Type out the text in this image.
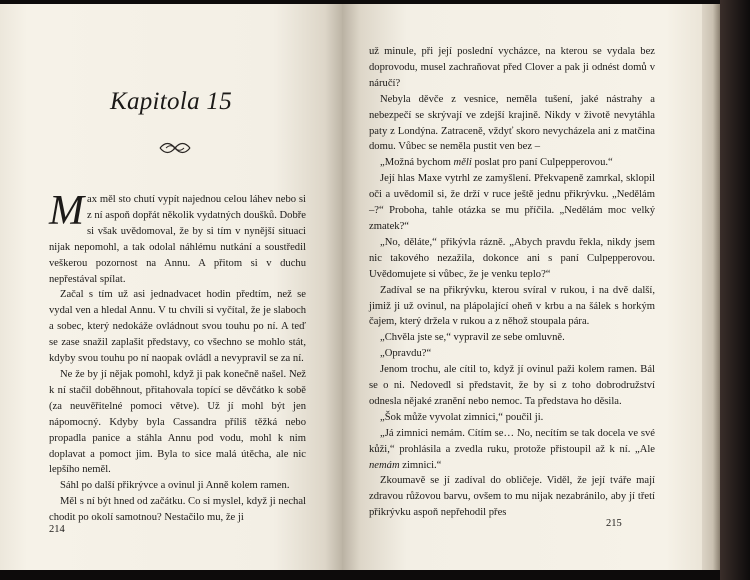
Kapitola 15

Max měl sto chutí vypít najednou celou láhev nebo si z ní aspoň dopřát několik vydatných doušků. Dobře si však uvědomoval, že by si tím v nynější situaci nijak nepomohl, a tak odolal náhlému nutkání a soustředil veškerou pozornost na Annu. A přitom si v duchu nepřestával spílat.

Začal s tím už asi jednadvacet hodin předtím, než se vydal ven a hledal Annu. V tu chvíli si vyčítal, že je slaboch a sobec, který nedokáže ovládnout svou touhu po ní. A teď se zase snažil zaplašit představy, co všechno se mohlo stát, kdyby svou touhu po ní naopak ovládl a nevypravil se za ní.

Ne že by jí nějak pomohl, když ji pak konečně našel. Než k ní stačil doběhnout, přitahovala topící se děvčátko k sobě (za neuvěřitelné pomoci větve). Už jí mohl být jen nápomocný. Kdyby byla Cassandra příliš těžká nebo propadla panice a stáhla Annu pod vodu, mohl k nim doplavat a pomoct jim. Byla to sice malá útěcha, ale nic lepšího neměl.

Sáhl po další přikrývce a ovinul ji Anně kolem ramen.

Měl s ní být hned od začátku. Co si myslel, když ji nechal chodit po okolí samotnou? Nestačilo mu, že ji

214

už minule, při její poslední vycházce, na kterou se vydala bez doprovodu, musel zachraňovat před Clover a pak ji odnést domů v náručí?

Nebyla děvče z vesnice, neměla tušení, jaké nástrahy a nebezpečí se skrývají ve zdejší krajině. Nikdy v životě nevytáhla paty z Londýna. Zatraceně, vždyť skoro nevycházela ani z matčina domu. Vůbec se neměla pustit ven bez –

„Možná bychom měli poslat pro paní Culpepperovou.“

Její hlas Maxe vytrhl ze zamyšlení. Překvapeně zamrkal, sklopil oči a uvědomil si, že drží v ruce ještě jednu přikrývku. „Nedělám –?“ Proboha, tahle otázka se mu příčila. „Nedělám moc velký zmatek?“

„No, děláte,“ přikývla rázně. „Abych pravdu řekla, nikdy jsem nic takového nezažila, dokonce ani s paní Culpepperovou. Uvědomujete si vůbec, že je venku teplo?“

Zadíval se na přikrývku, kterou svíral v rukou, i na dvě další, jimiž ji už ovinul, na plápolající oheň v krbu a na šálek s horkým čajem, který držela v rukou a z něhož stoupala pára.

„Chvěla jste se,“ vypravil ze sebe omluvně.

„Opravdu?“

Jenom trochu, ale cítil to, když jí ovinul paži kolem ramen. Bál se o ni. Nedovedl si představit, že by si z toho dobrodružství odnesla nějaké zranění nebo nemoc. Ta představa ho děsila.

„Šok může vyvolat zimnici,“ poučil ji.

„Já zimnici nemám. Cítím se… No, necítím se tak docela ve své kůži,“ prohlásila a zvedla ruku, protože přistoupil až k ní. „Ale nemám zimnici.“

Zkoumavě se jí zadíval do obličeje. Viděl, že její tváře mají zdravou růžovou barvu, ovšem to mu nijak nezabránilo, aby jí třetí přikrývku aspoň nepřehodil přes

215
